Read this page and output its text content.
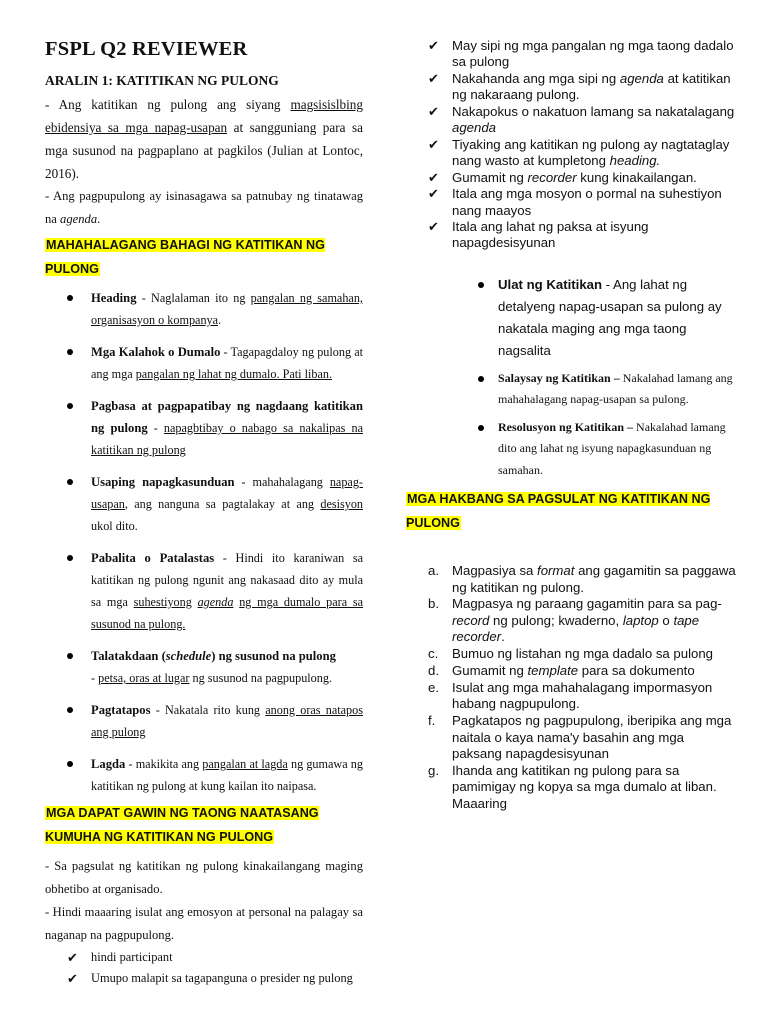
FSPL Q2 REVIEWER
ARALIN 1: KATITIKAN NG PULONG

- Ang katitikan ng pulong ang siyang magsisislbing ebidensiya sa mga napag-usapan at sangguniang para sa mga susunod na pagpaplano at pagkilos (Julian at Lontoc, 2016).

- Ang pagpupulong ay isinasagawa sa patnubay ng tinatawag na agenda.

MAHAHALAGANG BAHAGI NG KATITIKAN NG PULONG
Heading - Naglalaman ito ng pangalan ng samahan, organisasyon o kompanya.
Mga Kalahok o Dumalo - Tagapagdaloy ng pulong at ang mga pangalan ng lahat ng dumalo. Pati liban.
Pagbasa at pagpapatibay ng nagdaang katitikan ng pulong - napagbtibay o nabago sa nakalipas na katitikan ng pulong
Usaping napagkasunduan - mahahalagang napag-usapan, ang nanguna sa pagtalakay at ang desisyon ukol dito.
Pabalita o Patalastas - Hindi ito karaniwan sa katitikan ng pulong ngunit ang nakasaad dito ay mula sa mga suhestiyong agenda ng mga dumalo para sa susunod na pulong.
Talatakdaan (schedule) ng susunod na pulong
- petsa, oras at lugar ng susunod na pagpupulong.
Pagtatapos - Nakatala rito kung anong oras natapos ang pulong
Lagda - makikita ang pangalan at lagda ng gumawa ng katitikan ng pulong at kung kailan ito naipasa.
MGA DAPAT GAWIN NG TAONG NAATASANG KUMUHA NG KATITIKAN NG PULONG

- Sa pagsulat ng katitikan ng pulong kinakailangang maging obhetibo at organisado.

- Hindi maaaring isulat ang emosyon at personal na palagay sa naganap na pagpupulong.

✔ hindi participant
✔ Umupo malapit sa tagapanguna o presider ng pulong
✔ May sipi ng mga pangalan ng mga taong dadalo sa pulong
✔ Nakahanda ang mga sipi ng agenda at katitikan ng nakaraang pulong.
✔ Nakapokus o nakatuon lamang sa nakatalagang agenda
✔ Tiyaking ang katitikan ng pulong ay nagtataglay nang wasto at kumpletong heading.
✔ Gumamit ng recorder kung kinakailangan.
✔ Itala ang mga mosyon o pormal na suhestiyon nang maayos
✔ Itala ang lahat ng paksa at isyung napagdesisyunan
Ulat ng Katitikan - Ang lahat ng detalyeng napag-usapan sa pulong ay nakatala maging ang mga taong nagsalita
Salaysay ng Katitikan – Nakalahad lamang ang mahahalagang napag-usapan sa pulong.
Resolusyon ng Katitikan – Nakalahad lamang dito ang lahat ng isyung napagkasunduan ng samahan.
MGA HAKBANG SA PAGSULAT NG KATITIKAN NG PULONG
a. Magpasiya sa format ang gagamitin sa paggawa ng katitikan ng pulong.
b. Magpasya ng paraang gagamitin para sa pag-record ng pulong; kwaderno, laptop o tape recorder.
c. Bumuo ng listahan ng mga dadalo sa pulong
d. Gumamit ng template para sa dokumento
e. Isulat ang mga mahahalagang impormasyon habang nagpupulong.
f. Pagkatapos ng pagpupulong, iberipika ang mga naitala o kaya nama'y basahin ang mga paksang napagdesisyunan
g. Ihanda ang katitikan ng pulong para sa pamimigay ng kopya sa mga dumalo at liban. Maaaring
